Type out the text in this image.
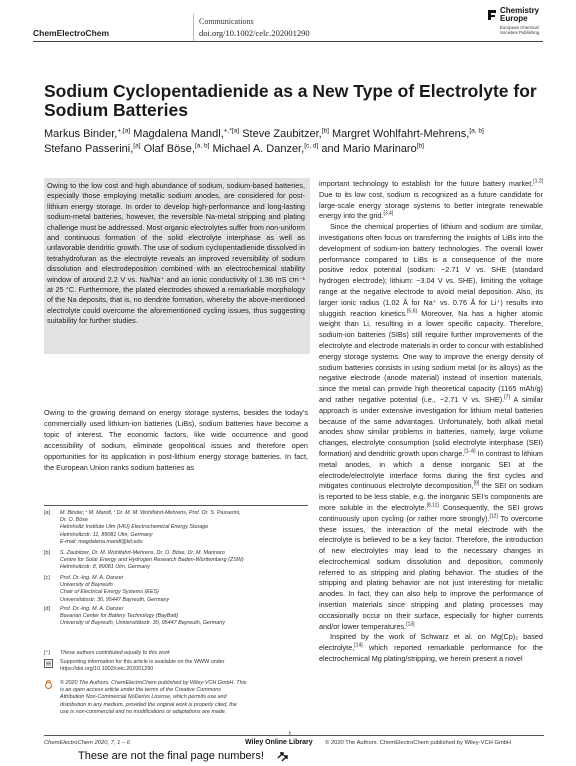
ChemElectroChem
Communications
doi.org/10.1002/celc.202001290
Chemistry
Europe
European Chemical
Societies Publishing
Sodium Cyclopentadienide as a New Type of Electrolyte for Sodium Batteries
Markus Binder,$^{+,[a]}$ Magdalena Mandl,$^{+,*[a]}$ Steve Zaubitzer,[b] Margret Wohlfahrt-Mehrens,[a, b]
Stefano Passerini,[a] Olaf Böse,[a, b] Michael A. Danzer,[c, d] and Mario Marinaro[b]
Owing to the low cost and high abundance of sodium, sodium-based batteries, especially those employing metallic sodium anodes, are considered for post-lithium energy storage. In order to develop high-performance and long-lasting sodium-metal batteries, however, the reversible Na-metal stripping and plating challenge must be addressed. Most organic electrolytes suffer from non-uniform and continuous formation of the solid electrolyte interphase as well as unfavorable dendritic growth. The use of sodium cyclopentadienide dissolved in tetrahydrofuran as the electrolyte reveals an improved reversibility of sodium dissolution and electrodeposition combined with an electrochemical stability window of around 2.2 V vs. Na/Na⁺ and an ionic conductivity of 1.36 mS cm⁻¹ at 25 °C. Furthermore, the plated electrodes showed a remarkable morphology of the Na deposits, that is, no dendrite formation, whereby the above-mentioned electrolyte could overcome the aforementioned cycling issues, thus suggesting suitability for further studies.
Owing to the growing demand on energy storage systems, besides the today’s commercially used lithium-ion batteries (LiBs), sodium batteries have become a topic of interest. The economic factors, like wide occurrence and good accessibility of sodium, eliminate geopolitical issues and therefore open opportunities for its application in post-lithium energy storage batteries. In fact, the European Union ranks sodium batteries as

important technology to establish for the future battery market.[1,2] Due to its low cost, sodium is recognized as a future candidate for large-scale energy storage systems to better integrate renewable energy into the grid.[3,4]

Since the chemical properties of lithium and sodium are similar, investigations often focus on transferring the insights of LiBs into the development of sodium-ion battery technologies. The overall lower performance compared to LiBs is a consequence of the more positive redox potential (sodium: −2.71 V vs. SHE (standard hydrogen electrode); lithium: −3.04 V vs. SHE), limiting the voltage range at the negative electrode to avoid metal deposition. Also, its larger ionic radius (1.02 Å for Na⁺ vs. 0.76 Å for Li⁺) results into sluggish reaction kinetics.[5,6] Moreover, Na has a higher atomic weight than Li, resulting in a lower specific capacity. Therefore, sodium-ion batteries (SIBs) still require further improvements of the electrolyte and electrode materials in order to concur with established energy storage systems. One way to improve the energy density of sodium batteries consists in using sodium metal (or its alloys) as the negative electrode (anode material) instead of insertion materials, since the metal can provide high theoretical capacity (1165 mAh/g) and rather negative potential (i.e., −2.71 V vs. SHE).[7] A similar approach is under extensive investigation for lithium metal batteries because of the same advantages. Unfortunately, both alkali metal anodes show similar problems in batteries, namely, large volume changes, electrolyte consumption (solid electrolyte interphase (SEI) formation) and dendritic growth upon charge.[1–6] In contrast to lithium metal anodes, in which a dense inorganic SEI at the electrode/electrolyte interface forms during the first cycles and mitigates continuous electrolyte decomposition,[9] the SEI on sodium is reported to be less stable, e.g. the inorganic SEI’s components are more soluble in the electrolyte.[8,11] Consequently, the SEI grows continuously upon cycling (or rather more strongly).[12] To overcome these issues, the interaction of the metal electrode with the electrolyte is believed to be a key factor. Therefore, the introduction of new electrolytes may lead to the necessary changes in electrochemical sodium dissolution and deposition, commonly referred to as stripping and plating behavior. The studies of the stripping and plating behavior are not just interesting for metallic anodes. In fact, they can also help to improve the performance of insertion materials since stripping and plating processes may occasionally occur on their surface, especially for higher currents and/or lower temperatures.[13]

Inspired by the work of Schwarz et al. on Mg(Cp)₂ based electrolyte,[14] which reported remarkable performance for the electrochemical Mg plating/stripping, we herein present a novel

[a] M. Binder,⁺ M. Mandl,⁺ Dr. M. M. Wohlfahrt-Mehrens, Prof. Dr. S. Passerini,
Dr. O. Böse
Helmholtz Institute Ulm (HIU) Electrochemical Energy Storage
Helmholtzstr. 11, 89081 Ulm, Germany
E-mail: magdalena.mandl@kit.edu
[b] S. Zaubitzer, Dr. M. Wohlfahrt-Mehrens, Dr. O. Böse, Dr. M. Marinaro
Centre for Solar Energy and Hydrogen Research Baden-Württemberg (ZSW)
Helmholtzstr. 8, 89081 Ulm, Germany
[c] Prof. Dr.-Ing. M. A. Danzer
University of Bayreuth
Chair of Electrical Energy Systems (EES)
Universitätsstr. 30, 95447 Bayreuth, Germany
[d] Prof. Dr.-Ing. M. A. Danzer
Bavarian Center for Battery Technology (BayBatt)
University of Bayreuth, Universitätsstr. 30, 95447 Bayreuth, Germany
[⁺] These authors contributed equally to this work
Supporting information for this article is available on the WWW under
https://doi.org/10.1002/celc.202001290
© 2020 The Authors. ChemElectroChem published by Wiley-VCH GmbH. This
is an open access article under the terms of the Creative Commons
Attribution Non-Commercial NoDerivs License, which permits use and
distribution in any medium, provided the original work is properly cited, the
use is non-commercial and no modifications or adaptations are made.
ChemElectroChem 2020, 7, 1 – 6	Wiley Online Library © 2020 The Authors. ChemElectroChem published by Wiley-VCH GmbH
These are not the final page numbers!
